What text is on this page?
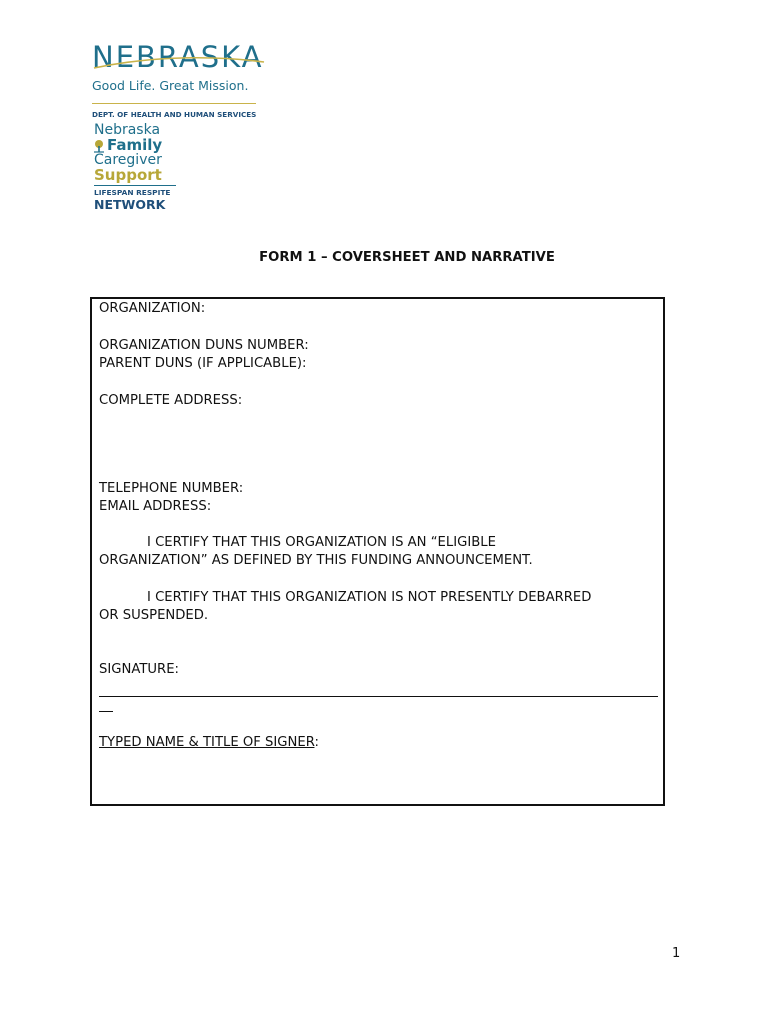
NEBRASKA
Good Life. Great Mission.
DEPT. OF HEALTH AND HUMAN SERVICES
Nebraska
Family
Caregiver
Support
LIFESPAN RESPITE
NETWORK
FORM 1 – COVERSHEET AND NARRATIVE
ORGANIZATION:
ORGANIZATION DUNS NUMBER:
PARENT DUNS (IF APPLICABLE):
COMPLETE ADDRESS:
TELEPHONE NUMBER:
EMAIL ADDRESS:
I CERTIFY THAT THIS ORGANIZATION IS AN “ELIGIBLE
ORGANIZATION” AS DEFINED BY THIS FUNDING ANNOUNCEMENT.
I CERTIFY THAT THIS ORGANIZATION IS NOT PRESENTLY DEBARRED
OR SUSPENDED.
SIGNATURE:
TYPED NAME & TITLE OF SIGNER:
1
